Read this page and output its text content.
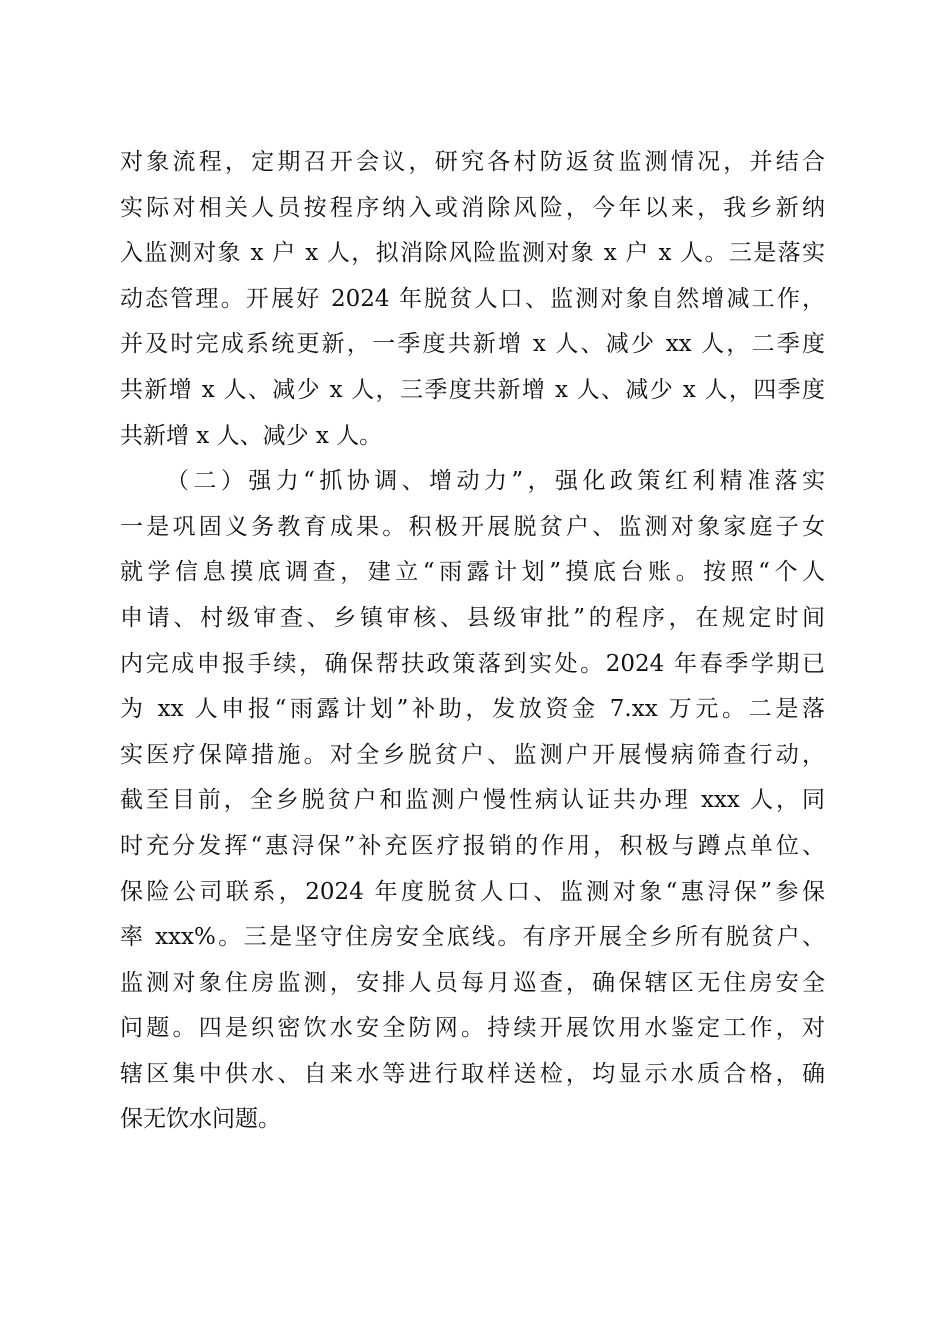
对象流程，定期召开会议，研究各村防返贫监测情况，并结合
实际对相关人员按程序纳入或消除风险，今年以来，我乡新纳
入监测对象 x 户 x 人，拟消除风险监测对象 x 户 x 人。三是落实
动态管理。开展好 2024 年脱贫人口、监测对象自然增减工作，
并及时完成系统更新，一季度共新增 x 人、减少 xx 人，二季度
共新增 x 人、减少 x 人，三季度共新增 x 人、减少 x 人，四季度
共新增 x 人、减少 x 人。
（二）强力“抓协调、增动力”，强化政策红利精准落实
一是巩固义务教育成果。积极开展脱贫户、监测对象家庭子女
就学信息摸底调查，建立“雨露计划”摸底台账。按照“个人
申请、村级审查、乡镇审核、县级审批”的程序，在规定时间
内完成申报手续，确保帮扶政策落到实处。2024 年春季学期已
为 xx 人申报“雨露计划”补助，发放资金 7.xx 万元。二是落
实医疗保障措施。对全乡脱贫户、监测户开展慢病筛查行动，
截至目前，全乡脱贫户和监测户慢性病认证共办理 xxx 人，同
时充分发挥“惠浔保”补充医疗报销的作用，积极与蹲点单位、
保险公司联系，2024 年度脱贫人口、监测对象“惠浔保”参保
率 xxx%。三是坚守住房安全底线。有序开展全乡所有脱贫户、
监测对象住房监测，安排人员每月巡查，确保辖区无住房安全
问题。四是织密饮水安全防网。持续开展饮用水鉴定工作，对
辖区集中供水、自来水等进行取样送检，均显示水质合格，确
保无饮水问题。
